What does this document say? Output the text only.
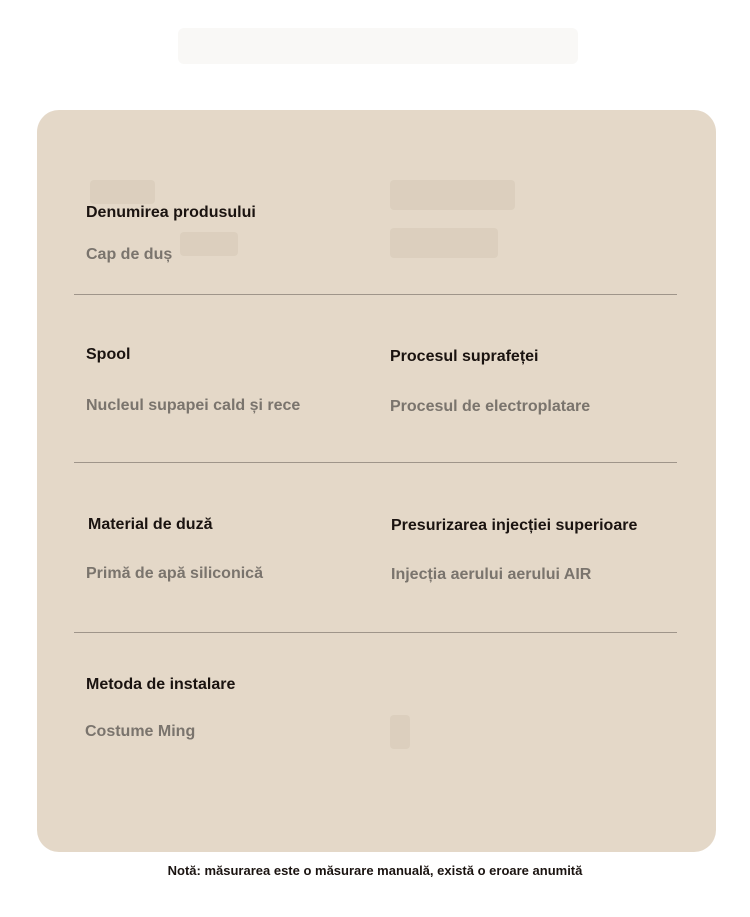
Denumirea produsului
Cap de duș
Spool
Nucleul supapei cald și rece
Procesul suprafeței
Procesul de electroplatare
Material de duză
Primă de apă siliconică
Presurizarea injecției superioare
Injecția aerului aerului AIR
Metoda de instalare
Costume Ming
Notă: măsurarea este o măsurare manuală, există o eroare anumită
